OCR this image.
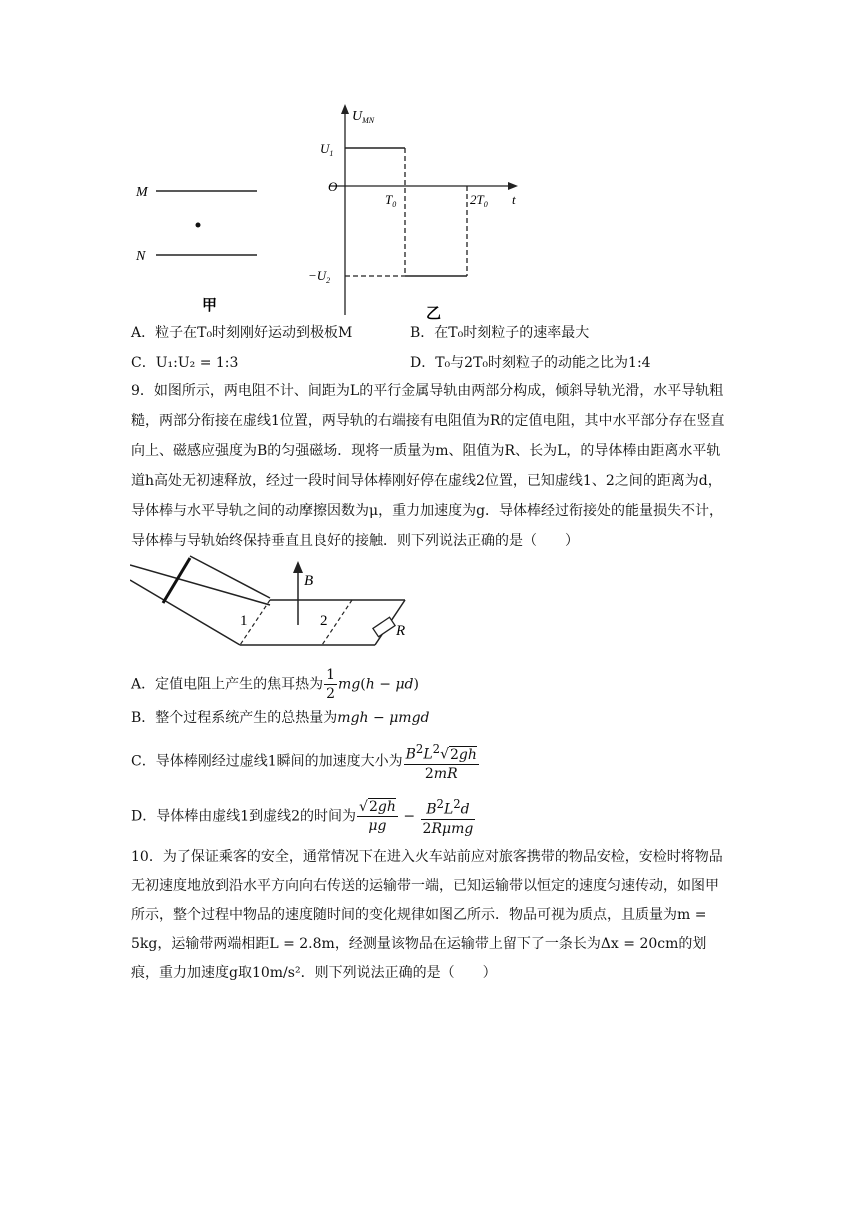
M
N
甲
$U_{MN}$
$U_1$
O
$T_0$	$2T_0$ t
$-U_2$
乙
A．粒子在T₀时刻刚好运动到极板M	B．在T₀时刻粒子的速率最大
C．U₁:U₂ = 1:3	D．T₀与2T₀时刻粒子的动能之比为1:4
9．如图所示，两电阻不计、间距为L的平行金属导轨由两部分构成，倾斜导轨光滑，水平导轨粗糙，两部分衔接在虚线1位置，两导轨的右端接有电阻值为R的定值电阻，其中水平部分存在竖直向上、磁感应强度为B的匀强磁场．现将一质量为m、阻值为R、长为L，的导体棒由距离水平轨道h高处无初速释放，经过一段时间导体棒刚好停在虚线2位置，已知虚线1、2之间的距离为d，导体棒与水平导轨之间的动摩擦因数为μ，重力加速度为g．导体棒经过衔接处的能量损失不计，导体棒与导轨始终保持垂直且良好的接触．则下列说法正确的是（　　）
B
1	2
R
A．定值电阻上产生的焦耳热为 $\frac{1}{2} mg(h - \mu d)$
B．整个过程系统产生的总热量为mgh − μmgd
C．导体棒刚经过虚线1瞬间的加速度大小为 $\frac{B^2L^2√2gh}{2mR}$
D．导体棒由虚线1到虚线2的时间为 $\frac{√2gh}{\mu g} - \frac{B^2L^2d}{\text{2Rμmg}}$
10．为了保证乘客的安全，通常情况下在进入火车站前应对旅客携带的物品安检，安检时将物品无初速度地放到沿水平方向向右传送的运输带一端，已知运输带以恒定的速度匀速传动，如图甲所示，整个过程中物品的速度随时间的变化规律如图乙所示．物品可视为质点，且质量为m = 5kg，运输带两端相距L = 2.8m，经测量该物品在运输带上留下了一条长为Δx = 20cm的划痕，重力加速度g取10m/s²．则下列说法正确的是（　　）
